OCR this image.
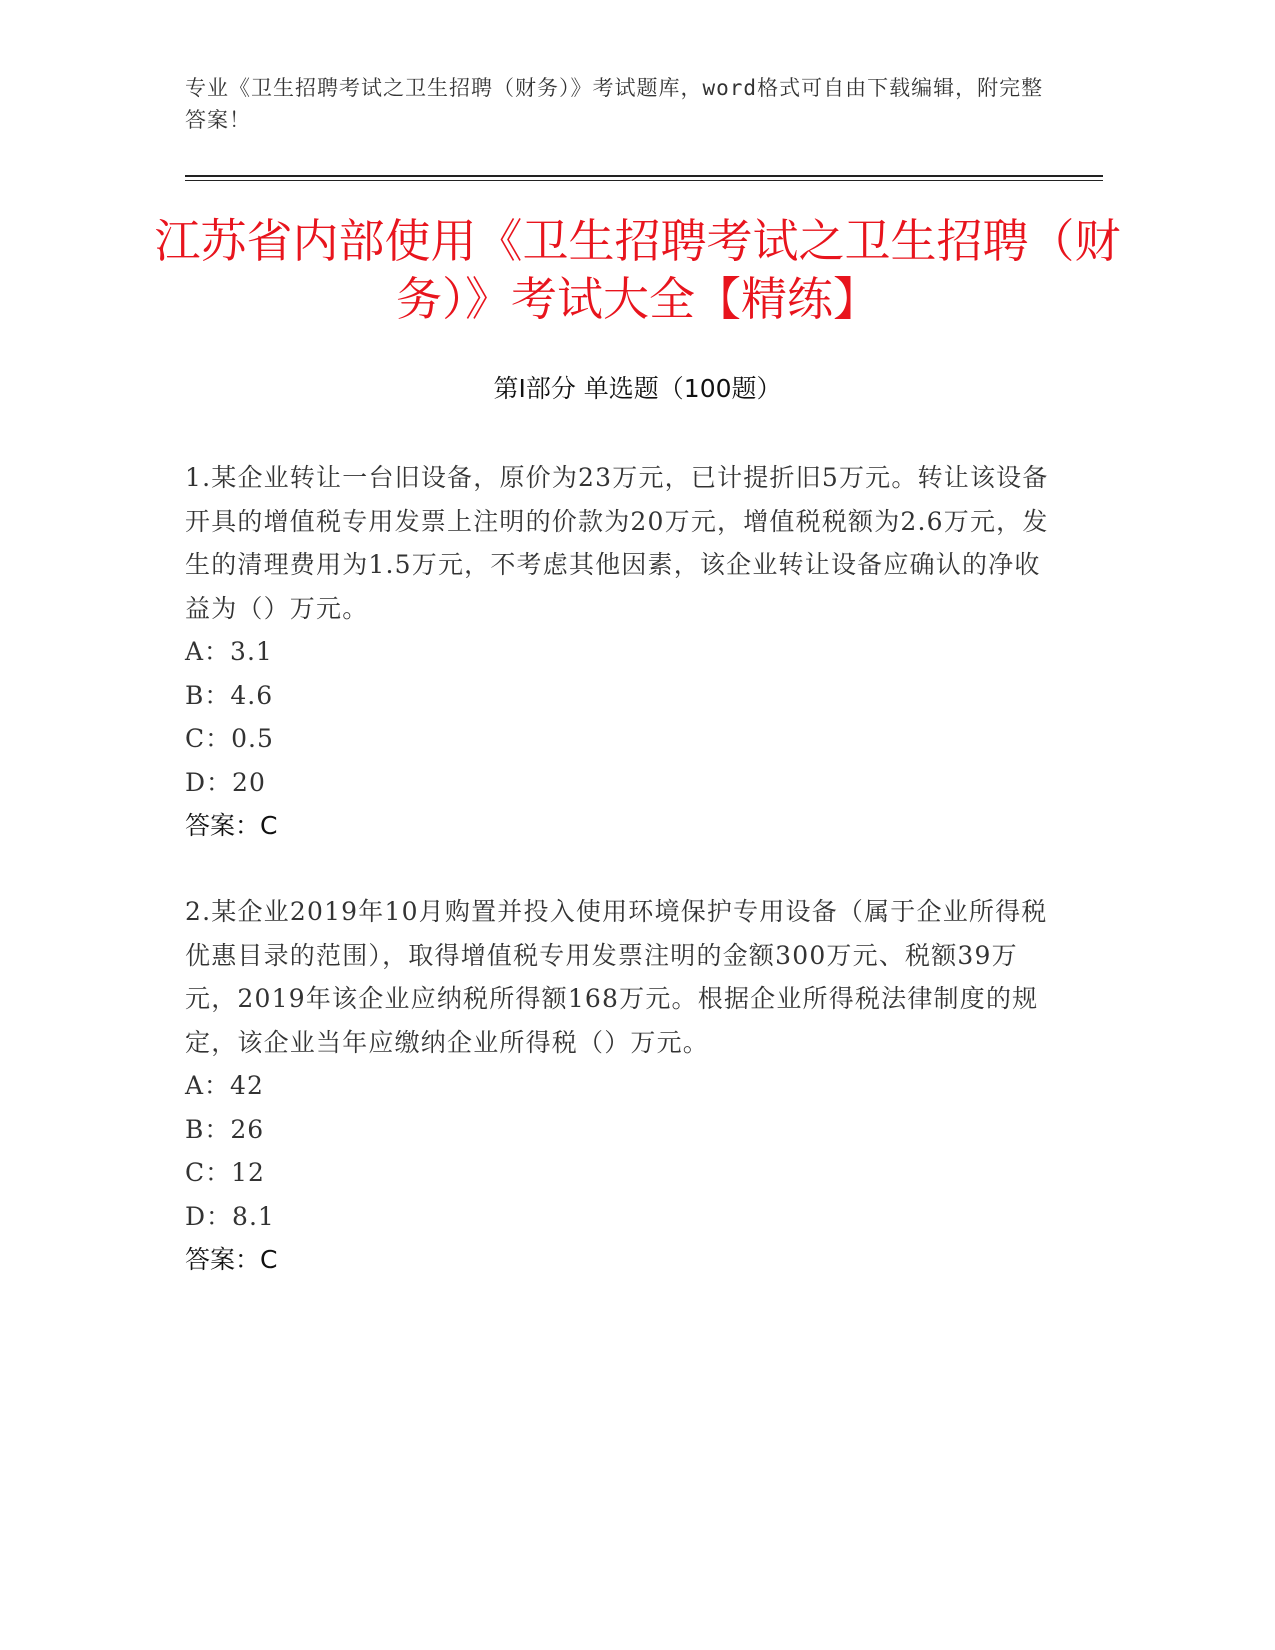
专业《卫生招聘考试之卫生招聘（财务）》考试题库，word格式可自由下载编辑，附完整答案！
江苏省内部使用《卫生招聘考试之卫生招聘（财务）》考试大全【精练】
第Ⅰ部分 单选题（100题）
1.某企业转让一台旧设备，原价为23万元，已计提折旧5万元。转让该设备开具的增值税专用发票上注明的价款为20万元，增值税税额为2.6万元，发生的清理费用为1.5万元，不考虑其他因素，该企业转让设备应确认的净收益为（）万元。
A：3.1
B：4.6
C：0.5
D：20
答案：C
2.某企业2019年10月购置并投入使用环境保护专用设备（属于企业所得税优惠目录的范围），取得增值税专用发票注明的金额300万元、税额39万元，2019年该企业应纳税所得额168万元。根据企业所得税法律制度的规定，该企业当年应缴纳企业所得税（）万元。
A：42
B：26
C：12
D：8.1
答案：C
